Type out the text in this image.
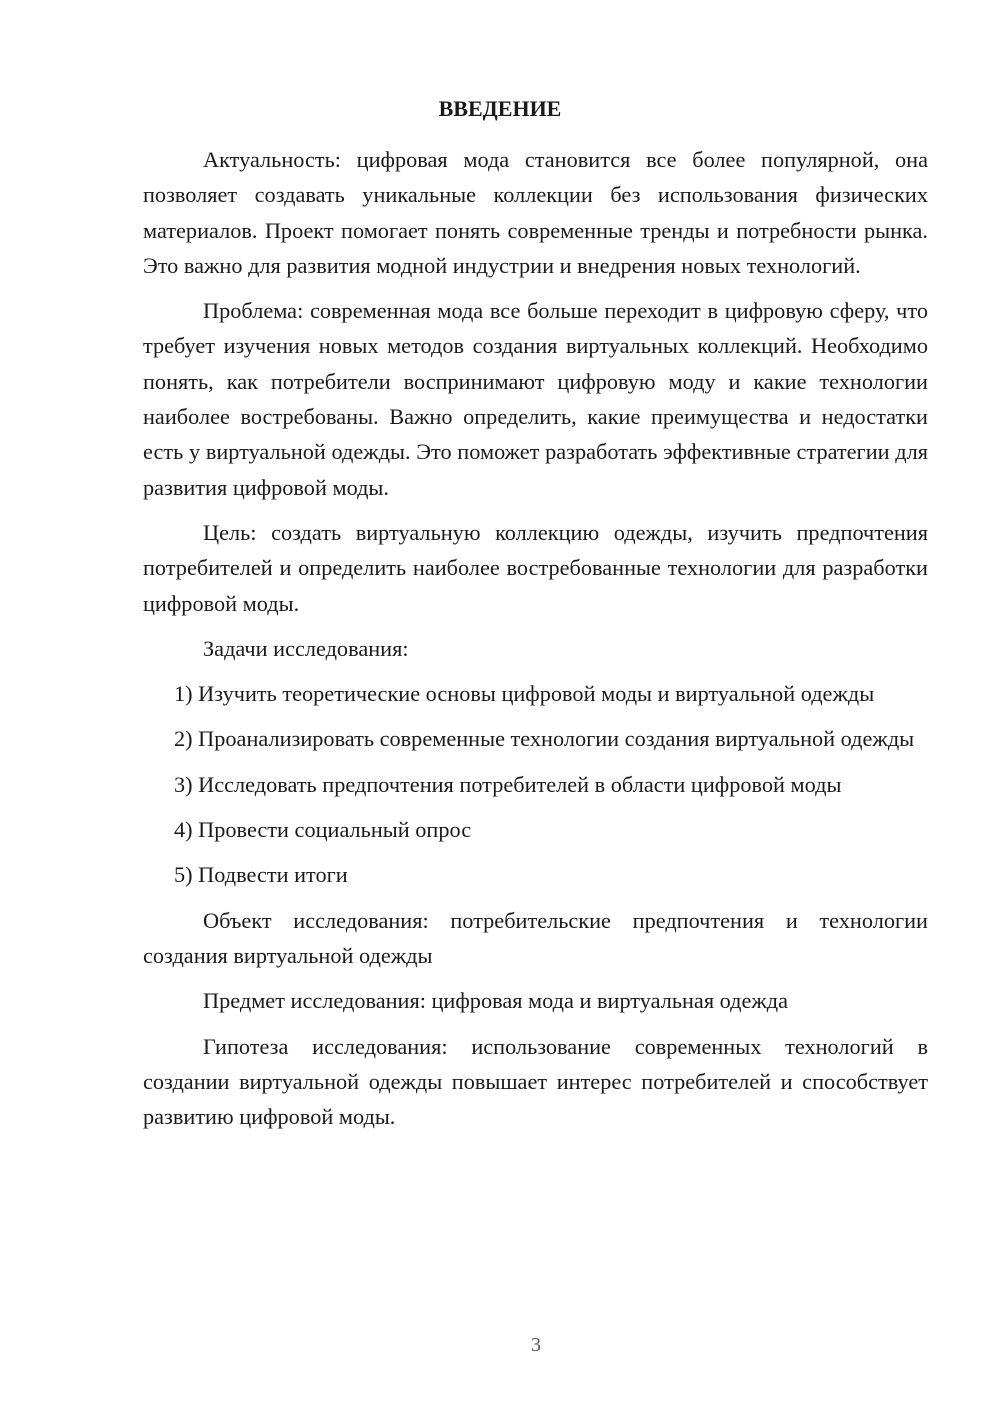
ВВЕДЕНИЕ

Актуальность: цифровая мода становится все более популярной, она позволяет создавать уникальные коллекции без использования физических материалов. Проект помогает понять современные тренды и потребности рынка. Это важно для развития модной индустрии и внедрения новых технологий.

Проблема: современная мода все больше переходит в цифровую сферу, что требует изучения новых методов создания виртуальных коллекций. Необходимо понять, как потребители воспринимают цифровую моду и какие технологии наиболее востребованы. Важно определить, какие преимущества и недостатки есть у виртуальной одежды. Это поможет разработать эффективные стратегии для развития цифровой моды.

Цель: создать виртуальную коллекцию одежды, изучить предпочтения потребителей и определить наиболее востребованные технологии для разработки цифровой моды.

Задачи исследования:

1) Изучить теоретические основы цифровой моды и виртуальной одежды

2) Проанализировать современные технологии создания виртуальной одежды

3) Исследовать предпочтения потребителей в области цифровой моды

4) Провести социальный опрос

5) Подвести итоги

Объект исследования: потребительские предпочтения и технологии создания виртуальной одежды

Предмет исследования: цифровая мода и виртуальная одежда

Гипотеза исследования: использование современных технологий в создании виртуальной одежды повышает интерес потребителей и способствует развитию цифровой моды.

3
